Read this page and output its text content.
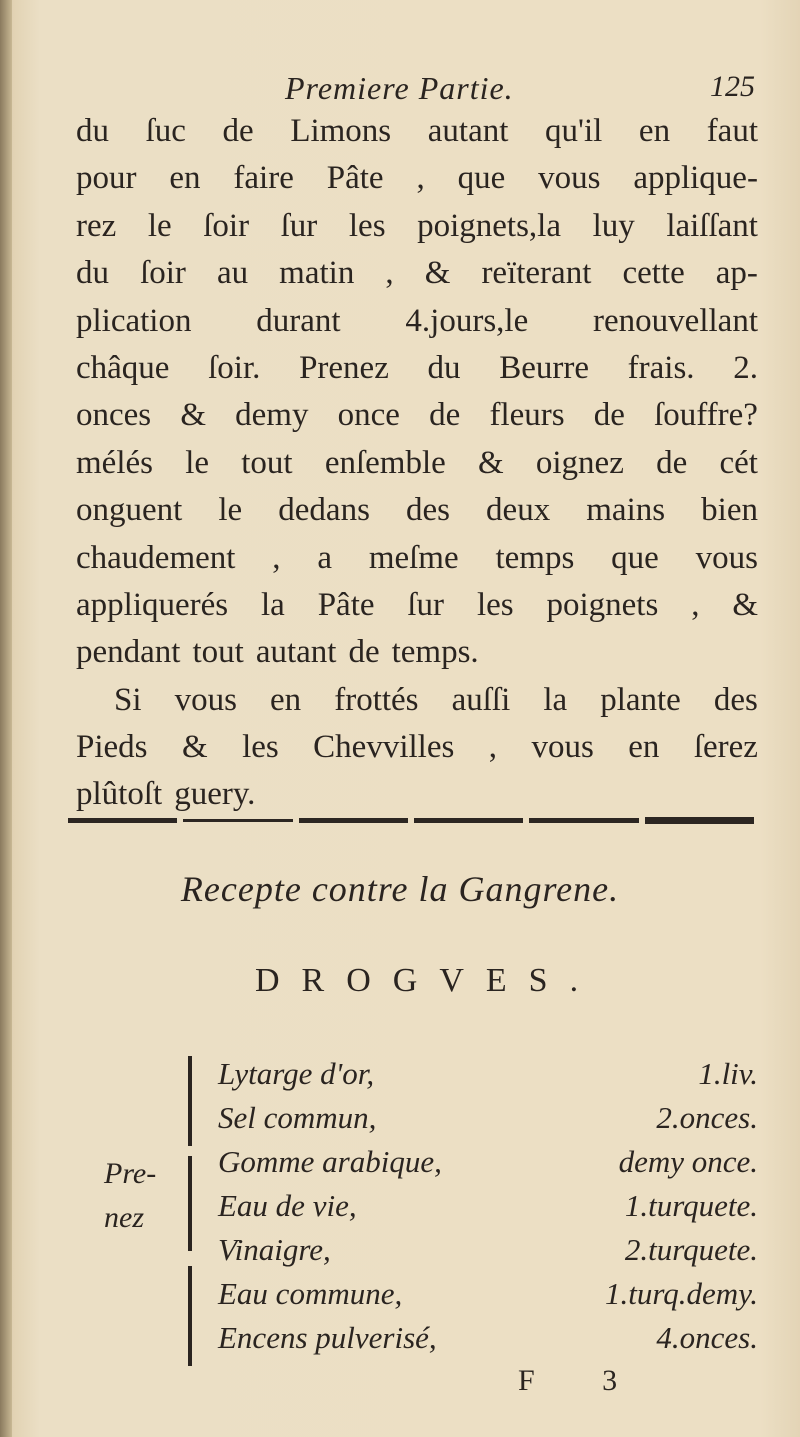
Premiere Partie.	125
du ſuc de Limons autant qu'il en faut
pour en faire Pâte , que vous applique-
rez le ſoir ſur les poignets,la luy laiſſant
du ſoir au matin , & reïterant cette ap-
plication durant 4.jours,le renouvellant
châque ſoir. Prenez du Beurre frais. 2.
onces & demy once de fleurs de ſouffre?
mélés le tout enſemble & oignez de cét
onguent le dedans des deux mains bien
chaudement , a meſme temps que vous
appliquerés la Pâte ſur les poignets , &
pendant tout autant de temps.
Si vous en frottés auſſi la plante des
Pieds & les Chevvilles , vous en ſerez
plûtoſt guery.
Recepte contre la Gangrene.
DROGVES.
Pre-
nez
Lytarge d'or,	1.liv.
Sel commun,	2.onces.
Gomme arabique,	demy once.
Eau de vie,	1.turquete.
Vinaigre,	2.turquete.
Eau commune,	1.turq.demy.
Encens pulverisé,	4.onces.
F 3
